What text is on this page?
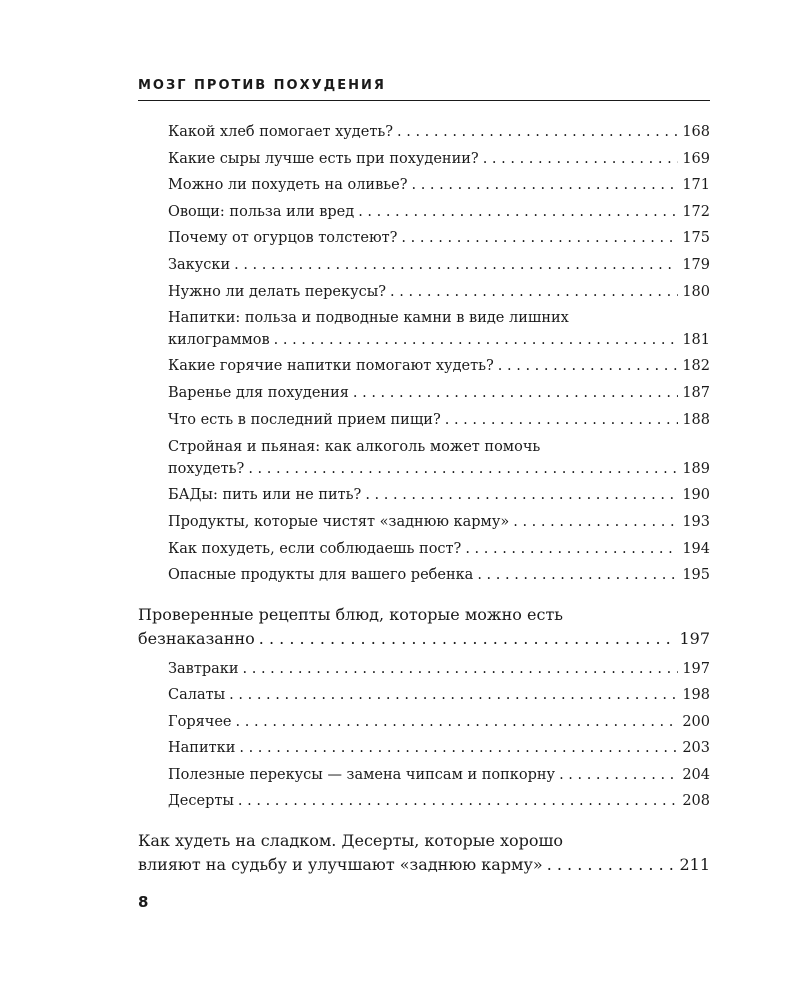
МОЗГ ПРОТИВ ПОХУДЕНИЯ
Какой хлеб помогает худеть? . . .	168
Какие сыры лучше есть при похудении? . . .	169
Можно ли похудеть на оливье? . . .	171
Овощи: польза или вред . . .	172
Почему от огурцов толстеют? . . .	175
Закуски . . .	179
Нужно ли делать перекусы? . . .	180
Напитки: польза и подводные камни в виде лишних
килограммов . . .	181
Какие горячие напитки помогают худеть? . . .	182
Варенье для похудения . . .	187
Что есть в последний прием пищи? . . .	188
Стройная и пьяная: как алкоголь может помочь
похудеть? . . .	189
БАДы: пить или не пить? . . .	190
Продукты, которые чистят «заднюю карму» . . .	193
Как похудеть, если соблюдаешь пост? . . .	194
Опасные продукты для вашего ребенка . . .	195
Проверенные рецепты блюд, которые можно есть
безнаказанно . . .	197
Завтраки . . .	197
Салаты . . .	198
Горячее . . .	200
Напитки . . .	203
Полезные перекусы — замена чипсам и попкорну . . .	204
Десерты . . .	208
Как худеть на сладком. Десерты, которые хорошо
влияют на судьбу и улучшают «заднюю карму» . . .	211
8
